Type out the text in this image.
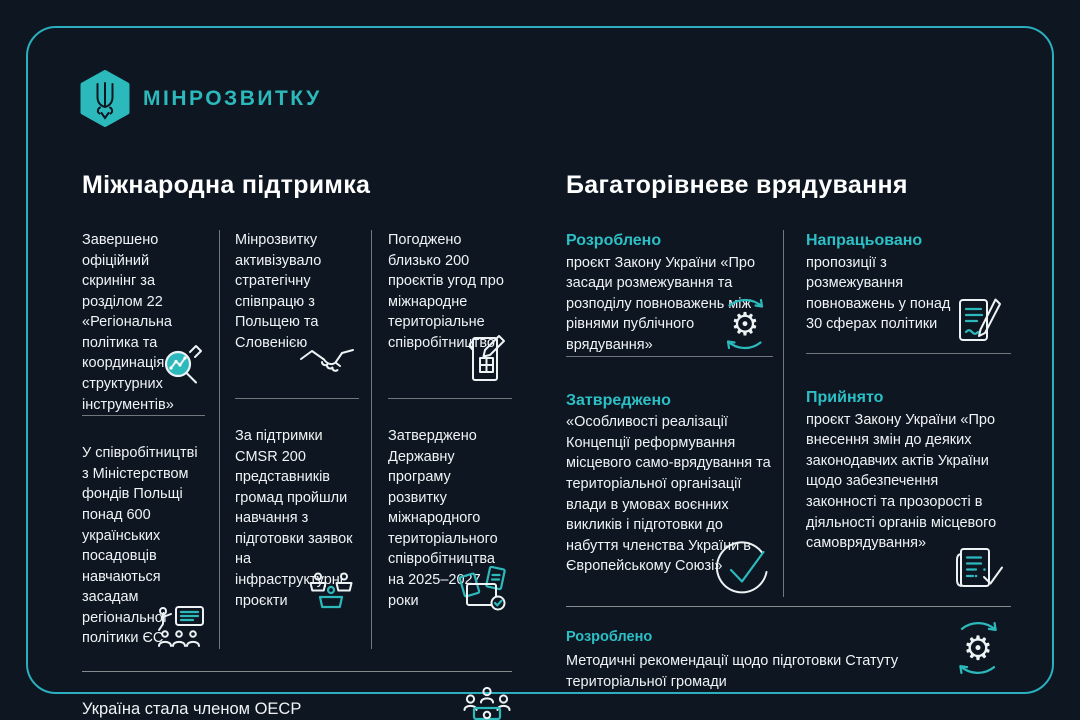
МІНРОЗВИТКУ
Міжнародна підтримка

Завершено офіційний скринінг за розділом 22 «Регіональна політика та координація структурних інструментів»

У співробітництві з Міністерством фондів Польщі понад 600 українських посадовців навчаються засадам регіональної політики ЄС

Мінрозвитку активізувало стратегічну співпрацю з Польщею та Словенією

За підтримки CMSR 200 представників громад пройшли навчання з підготовки заявок на інфраструктурні проєкти

Погоджено близько 200 проєктів угод про міжнародне територіальне співробітництво.

Затверджено Державну програму розвитку міжнародного територіального співробітництва на 2025–2027 роки

Україна стала членом ОЕСР
Багаторівневе врядування

Розроблено

проєкт Закону України «Про засади розмежування та розподілу повноважень між рівнями публічного врядування»

⚙

Затвреджено

«Особливості реалізації Концепції реформування місцевого само-врядування та територіальної організації влади в умовах воєнних викликів і підготовки до набуття членства України в Європейському Союзі»

Напрацьовано

пропозиції з розмежування повноважень у понад 30 сферах політики

Прийнято

проєкт Закону України «Про внесення змін до деяких законодавчих актів України щодо забезпечення законності та прозорості в діяльності органів місцевого самоврядування»

Розроблено

Методичні рекомендації щодо підготовки Статуту територіальної громади

⚙
